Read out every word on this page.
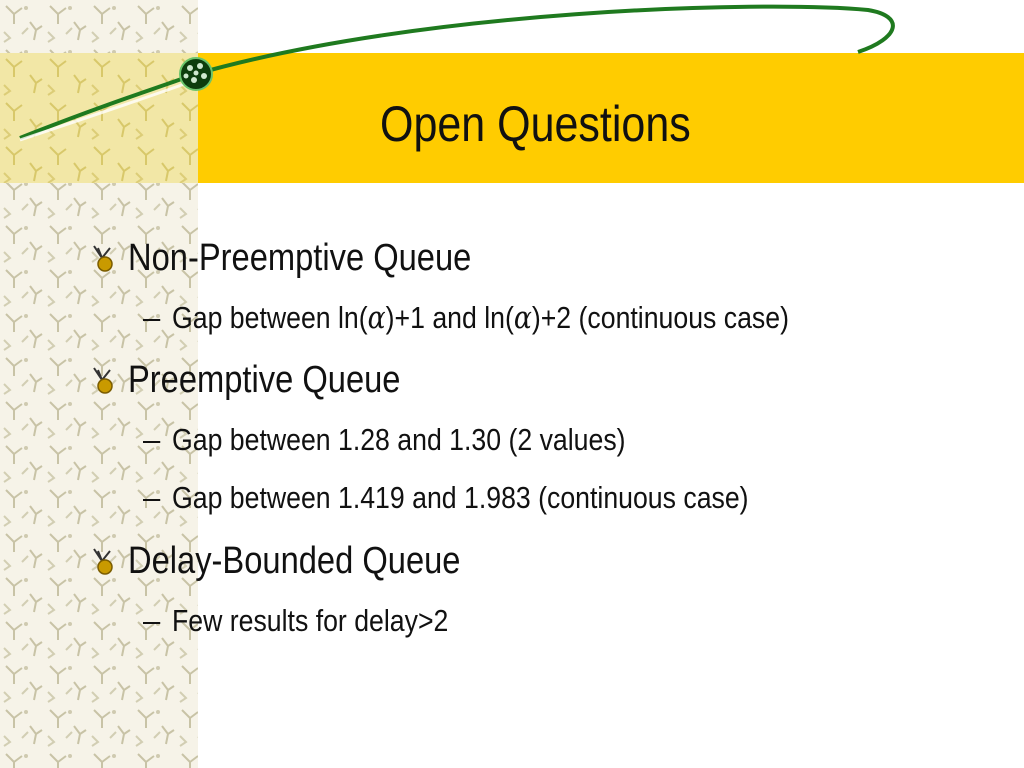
Open Questions
Non-Preemptive Queue
– Gap between ln(α)+1 and ln(α)+2 (continuous case)
Preemptive Queue
– Gap between 1.28 and 1.30 (2 values)
– Gap between 1.419 and 1.983 (continuous case)
Delay-Bounded Queue
– Few results for delay>2
